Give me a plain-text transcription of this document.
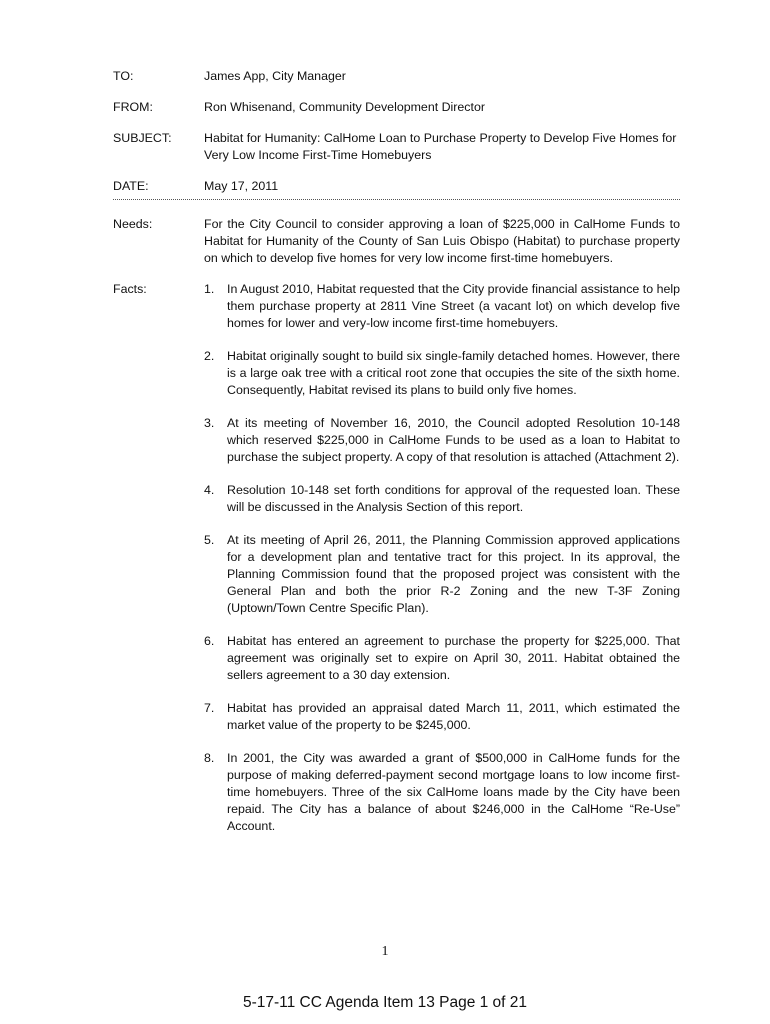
TO:	James App, City Manager
FROM:	Ron Whisenand, Community Development Director
SUBJECT:	Habitat for Humanity: CalHome Loan to Purchase Property to Develop Five Homes for Very Low Income First-Time Homebuyers
DATE:	May 17, 2011
Needs:	For the City Council to consider approving a loan of $225,000 in CalHome Funds to Habitat for Humanity of the County of San Luis Obispo (Habitat) to purchase property on which to develop five homes for very low income first-time homebuyers.
Facts:	1.	In August 2010, Habitat requested that the City provide financial assistance to help them purchase property at 2811 Vine Street (a vacant lot) on which develop five homes for lower and very-low income first-time homebuyers.
2.	Habitat originally sought to build six single-family detached homes. However, there is a large oak tree with a critical root zone that occupies the site of the sixth home. Consequently, Habitat revised its plans to build only five homes.
3.	At its meeting of November 16, 2010, the Council adopted Resolution 10-148 which reserved $225,000 in CalHome Funds to be used as a loan to Habitat to purchase the subject property. A copy of that resolution is attached (Attachment 2).
4.	Resolution 10-148 set forth conditions for approval of the requested loan. These will be discussed in the Analysis Section of this report.
5.	At its meeting of April 26, 2011, the Planning Commission approved applications for a development plan and tentative tract for this project. In its approval, the Planning Commission found that the proposed project was consistent with the General Plan and both the prior R-2 Zoning and the new T-3F Zoning (Uptown/Town Centre Specific Plan).
6.	Habitat has entered an agreement to purchase the property for $225,000. That agreement was originally set to expire on April 30, 2011. Habitat obtained the sellers agreement to a 30 day extension.
7.	Habitat has provided an appraisal dated March 11, 2011, which estimated the market value of the property to be $245,000.
8.	In 2001, the City was awarded a grant of $500,000 in CalHome funds for the purpose of making deferred-payment second mortgage loans to low income first-time homebuyers. Three of the six CalHome loans made by the City have been repaid. The City has a balance of about $246,000 in the CalHome “Re-Use” Account.
1
5-17-11 CC Agenda Item 13 Page 1 of 21
